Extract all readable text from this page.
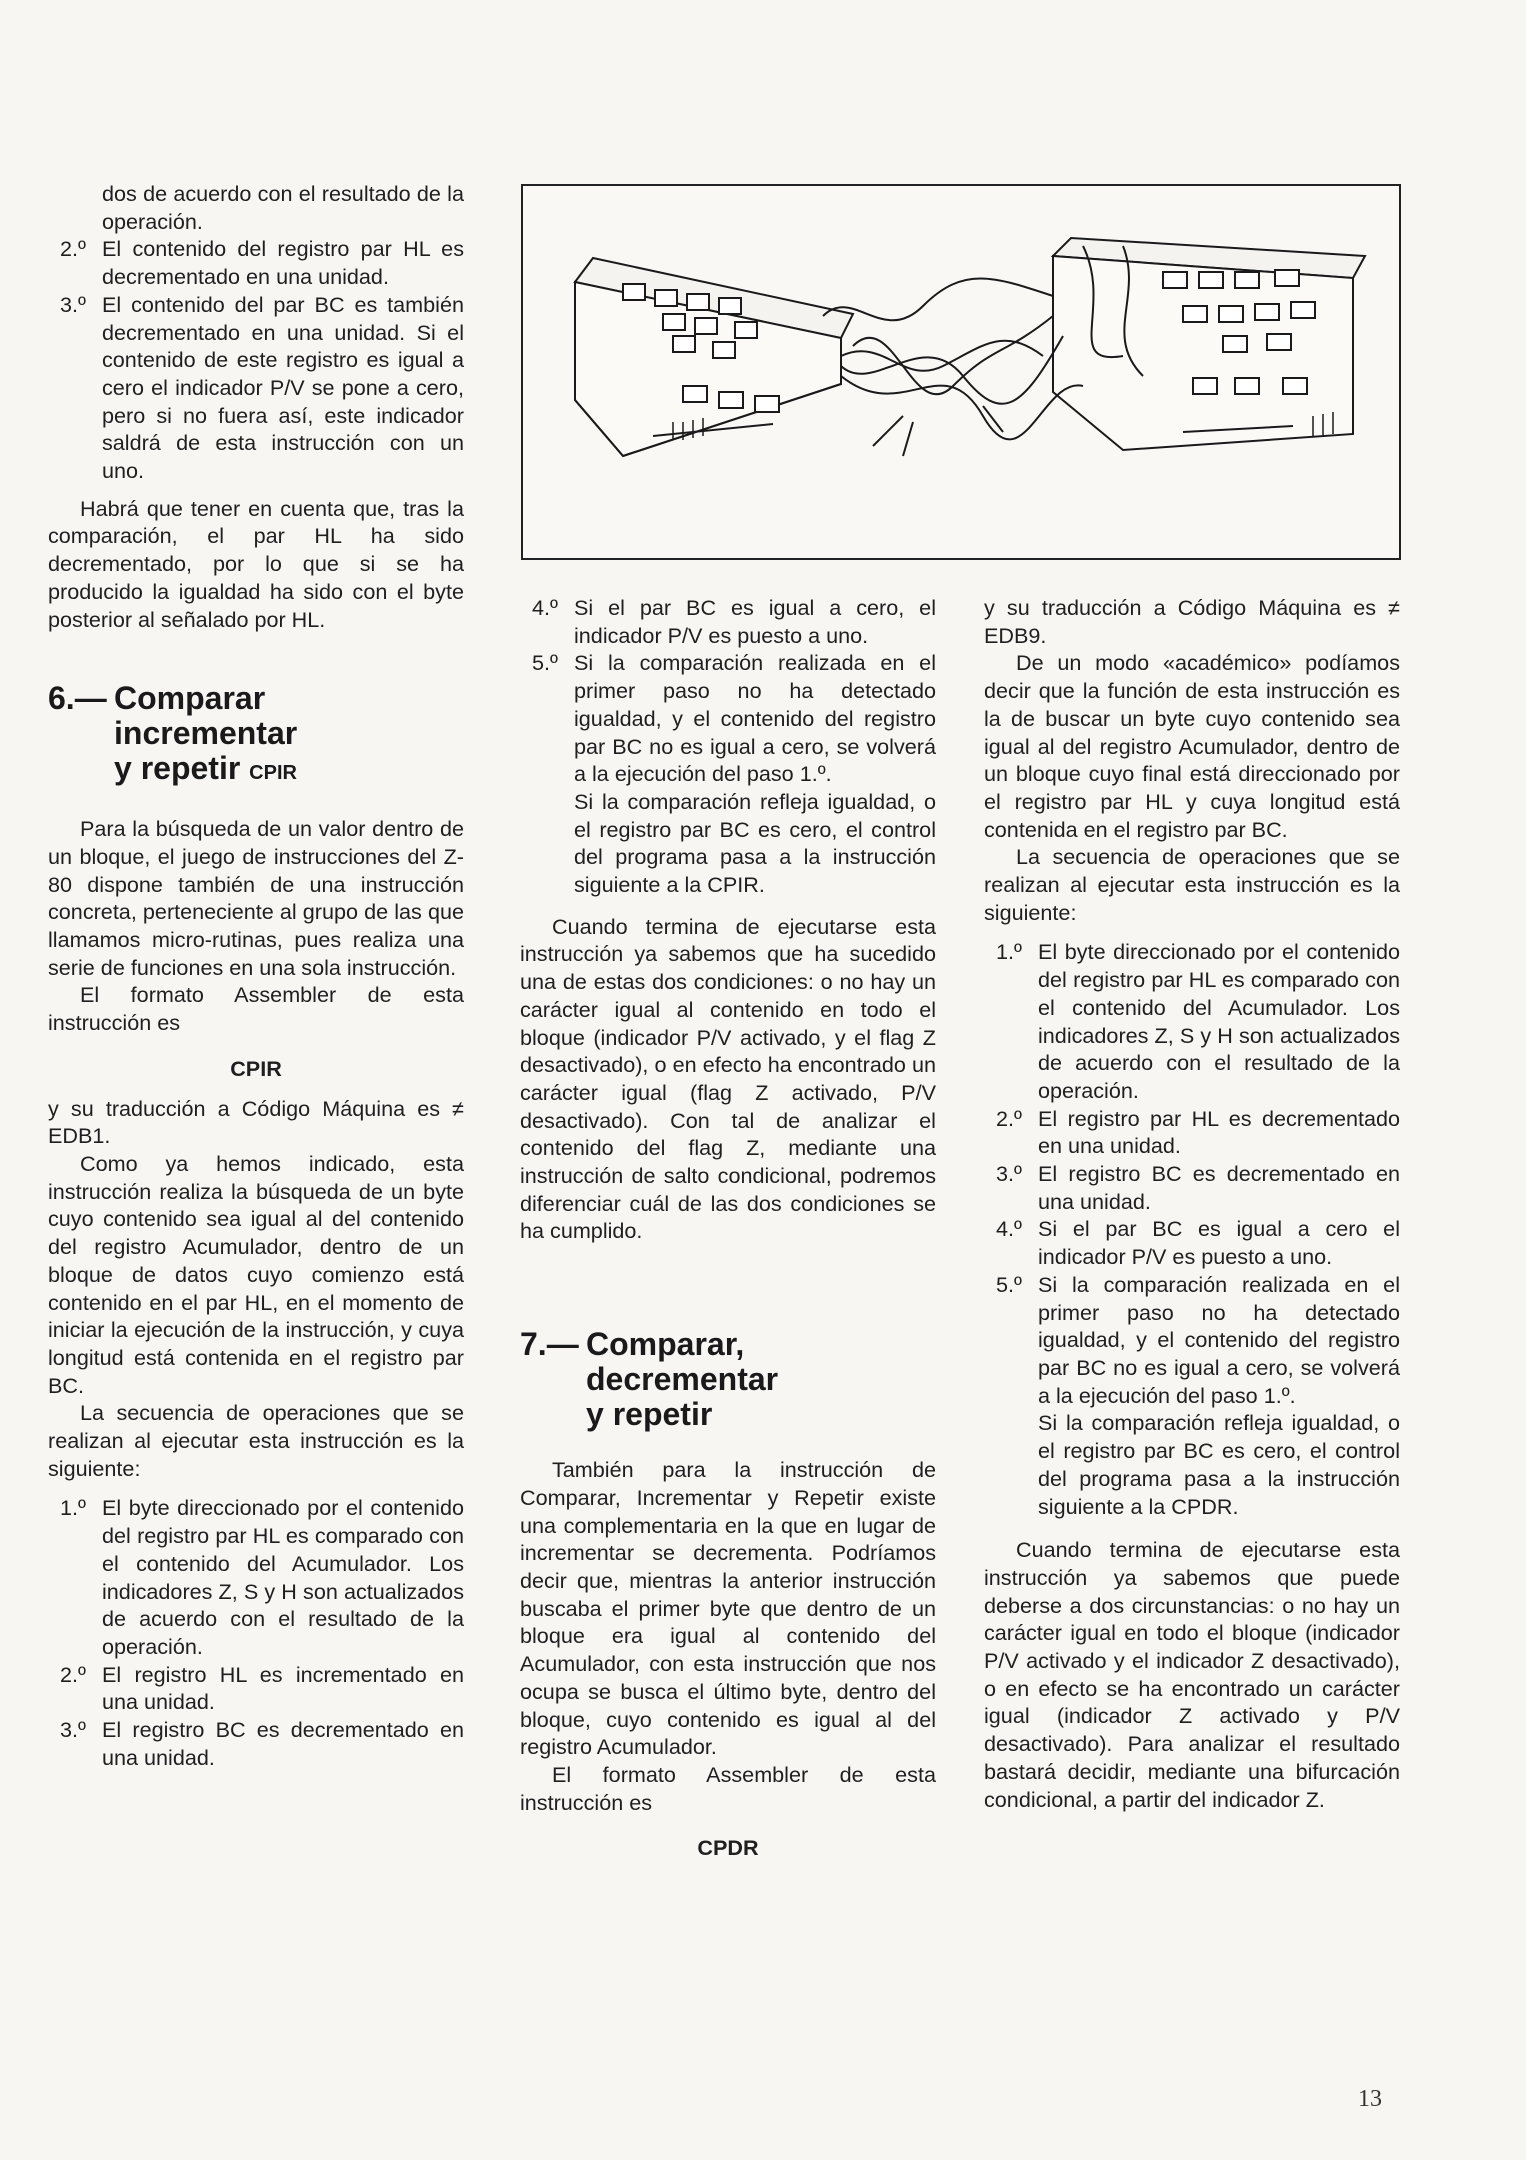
dos de acuerdo con el resultado de la operación.
2.º El contenido del registro par HL es decrementado en una unidad.
3.º El contenido del par BC es también decrementado en una unidad. Si el contenido de este registro es igual a cero el indicador P/V se pone a cero, pero si no fuera así, este indicador saldrá de esta instrucción con un uno.

Habrá que tener en cuenta que, tras la comparación, el par HL ha sido decrementado, por lo que si se ha producido la igualdad ha sido con el byte posterior al señalado por HL.

6.— Comparar
incrementar
y repetir CPIR

Para la búsqueda de un valor dentro de un bloque, el juego de instrucciones del Z-80 dispone también de una instrucción concreta, perteneciente al grupo de las que llamamos micro-rutinas, pues realiza una serie de funciones en una sola instrucción.

El formato Assembler de esta instrucción es

CPIR

y su traducción a Código Máquina es ≠ EDB1.

Como ya hemos indicado, esta instrucción realiza la búsqueda de un byte cuyo contenido sea igual al del contenido del registro Acumulador, dentro de un bloque de datos cuyo comienzo está contenido en el par HL, en el momento de iniciar la ejecución de la instrucción, y cuya longitud está contenida en el registro par BC.

La secuencia de operaciones que se realizan al ejecutar esta instrucción es la siguiente:

1.º El byte direccionado por el contenido del registro par HL es comparado con el contenido del Acumulador. Los indicadores Z, S y H son actualizados de acuerdo con el resultado de la operación.
2.º El registro HL es incrementado en una unidad.
3.º El registro BC es decrementado en una unidad.
4.º Si el par BC es igual a cero, el indicador P/V es puesto a uno.
5.º Si la comparación realizada en el primer paso no ha detectado igualdad, y el contenido del registro par BC no es igual a cero, se volverá a la ejecución del paso 1.º.
Si la comparación refleja igualdad, o el registro par BC es cero, el control del programa pasa a la instrucción siguiente a la CPIR.

Cuando termina de ejecutarse esta instrucción ya sabemos que ha sucedido una de estas dos condiciones: o no hay un carácter igual al contenido en todo el bloque (indicador P/V activado, y el flag Z desactivado), o en efecto ha encontrado un carácter igual (flag Z activado, P/V desactivado). Con tal de analizar el contenido del flag Z, mediante una instrucción de salto condicional, podremos diferenciar cuál de las dos condiciones se ha cumplido.

7.— Comparar,
decrementar
y repetir

También para la instrucción de Comparar, Incrementar y Repetir existe una complementaria en la que en lugar de incrementar se decrementa. Podríamos decir que, mientras la anterior instrucción buscaba el primer byte que dentro de un bloque era igual al contenido del Acumulador, con esta instrucción que nos ocupa se busca el último byte, dentro del bloque, cuyo contenido es igual al del registro Acumulador.

El formato Assembler de esta instrucción es

CPDR

y su traducción a Código Máquina es ≠ EDB9.

De un modo «académico» podíamos decir que la función de esta instrucción es la de buscar un byte cuyo contenido sea igual al del registro Acumulador, dentro de un bloque cuyo final está direccionado por el registro par HL y cuya longitud está contenida en el registro par BC.

La secuencia de operaciones que se realizan al ejecutar esta instrucción es la siguiente:

1.º El byte direccionado por el contenido del registro par HL es comparado con el contenido del Acumulador. Los indicadores Z, S y H son actualizados de acuerdo con el resultado de la operación.
2.º El registro par HL es decrementado en una unidad.
3.º El registro BC es decrementado en una unidad.
4.º Si el par BC es igual a cero el indicador P/V es puesto a uno.
5.º Si la comparación realizada en el primer paso no ha detectado igualdad, y el contenido del registro par BC no es igual a cero, se volverá a la ejecución del paso 1.º.
Si la comparación refleja igualdad, o el registro par BC es cero, el control del programa pasa a la instrucción siguiente a la CPDR.

Cuando termina de ejecutarse esta instrucción ya sabemos que puede deberse a dos circunstancias: o no hay un carácter igual en todo el bloque (indicador P/V activado y el indicador Z desactivado), o en efecto se ha encontrado un carácter igual (indicador Z activado y P/V desactivado). Para analizar el resultado bastará decidir, mediante una bifurcación condicional, a partir del indicador Z.

13
